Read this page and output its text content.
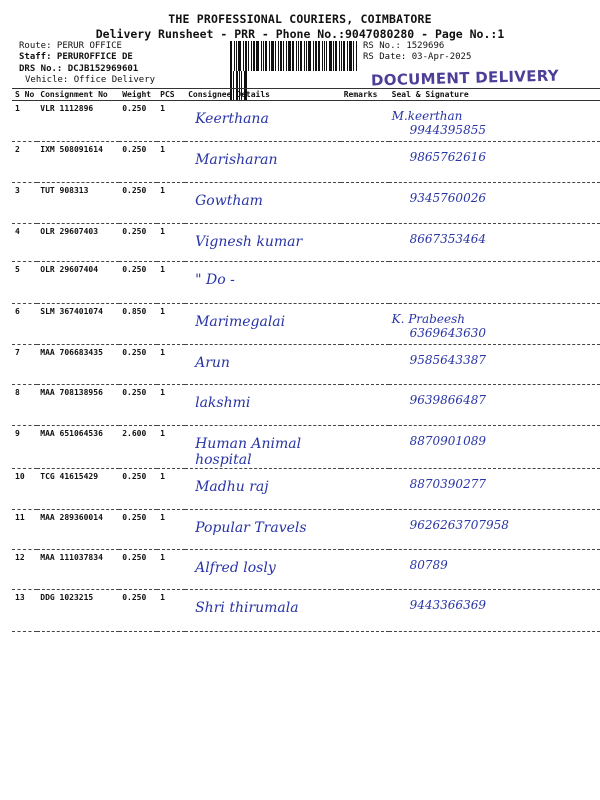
THE PROFESSIONAL COURIERS, COIMBATORE
Delivery Runsheet - PRR - Phone No.:9047080280 - Page No.:1
Route: PERUR OFFICE
Staff: PERUROFFICE DE
DRS No.: DCJB152969601
Vehicle: Office Delivery
RS No.: 1529696
RS Date: 03-Apr-2025
DOCUMENT DELIVERY
S No	Consignment No	Weight	PCS	Consignee Details	Remarks	Seal & Signature
1	VLR 1112896	0.250	1	Keerthana		M.keerthan
9944395855

2	IXM 508091614	0.250	1	Marisharan		9865762616

3	TUT 908313	0.250	1	Gowtham		9345760026

4	OLR 29607403	0.250	1	Vignesh kumar		8667353464

5	OLR 29607404	0.250	1	" Do -		

6	SLM 367401074	0.850	1	Marimegalai		K. Prabeesh
6369643630

7	MAA 706683435	0.250	1	Arun		9585643387

8	MAA 708138956	0.250	1	lakshmi		9639866487

9	MAA 651064536	2.600	1	Human Animal hospital		8870901089

10	TCG 41615429	0.250	1	Madhu raj		8870390277

11	MAA 289360014	0.250	1	Popular Travels		9626263707958

12	MAA 111037834	0.250	1	Alfred losly		80789

13	DDG 1023215	0.250	1	Shri thirumala		9443366369
